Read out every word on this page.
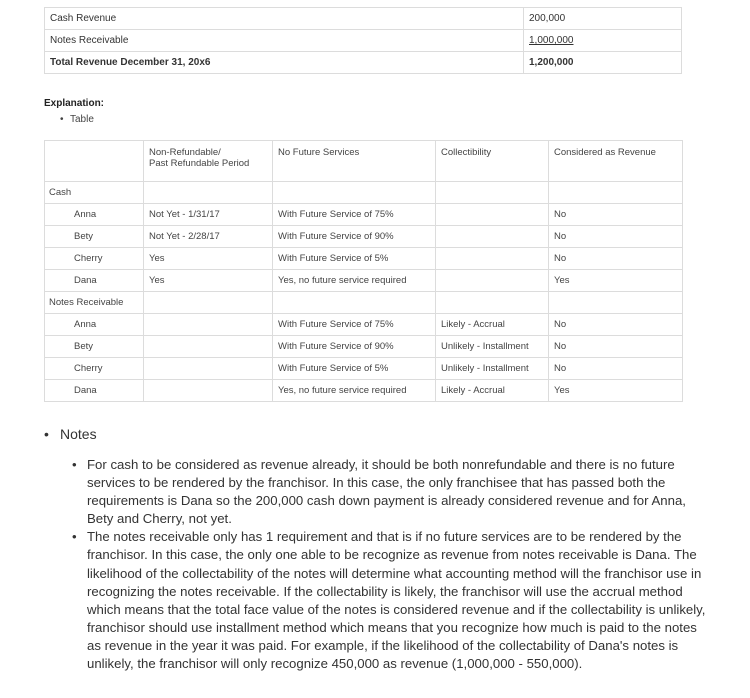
Cash Revenue	200,000
Notes Receivable	1,000,000
Total Revenue December 31, 20x6	1,200,000
Explanation:
• Table
	Non-Refundable/
Past Refundable Period	No Future Services	Collectibility	Considered as Revenue
Cash				
Anna	Not Yet - 1/31/17	With Future Service of 75%		No
Bety	Not Yet - 2/28/17	With Future Service of 90%		No
Cherry	Yes	With Future Service of 5%		No
Dana	Yes	Yes, no future service required		Yes
Notes Receivable				
Anna		With Future Service of 75%	Likely - Accrual	No
Bety		With Future Service of 90%	Unlikely - Installment	No
Cherry		With Future Service of 5%	Unlikely - Installment	No
Dana		Yes, no future service required	Likely - Accrual	Yes
• Notes
• For cash to be considered as revenue already, it should be both nonrefundable and there is no future services to be rendered by the franchisor. In this case, the only franchisee that has passed both the requirements is Dana so the 200,000 cash down payment is already considered revenue and for Anna, Bety and Cherry, not yet.
• The notes receivable only has 1 requirement and that is if no future services are to be rendered by the franchisor. In this case, the only one able to be recognize as revenue from notes receivable is Dana. The likelihood of the collectability of the notes will determine what accounting method will the franchisor use in recognizing the notes receivable. If the collectability is likely, the franchisor will use the accrual method which means that the total face value of the notes is considered revenue and if the collectability is unlikely, franchisor should use installment method which means that you recognize how much is paid to the notes as revenue in the year it was paid. For example, if the likelihood of the collectability of Dana's notes is unlikely, the franchisor will only recognize 450,000 as revenue (1,000,000 - 550,000).
